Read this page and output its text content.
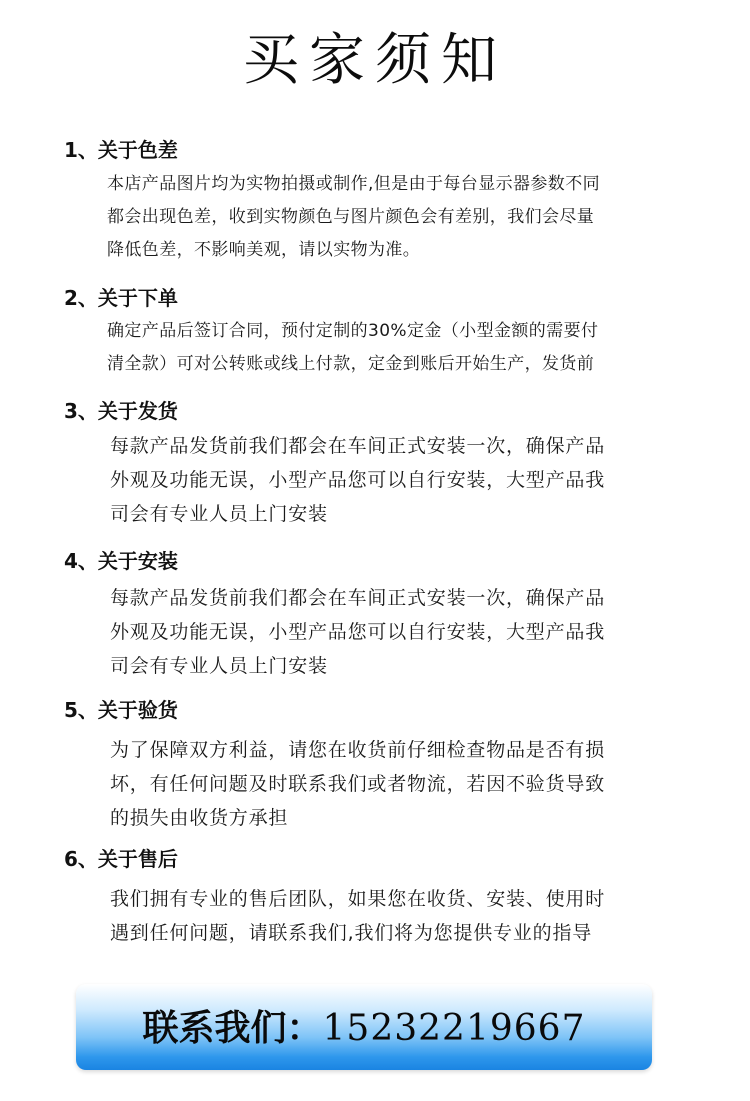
买家须知
1、关于色差
本店产品图片均为实物拍摄或制作,但是由于每台显示器参数不同
都会出现色差，收到实物颜色与图片颜色会有差别，我们会尽量
降低色差，不影响美观，请以实物为准。
2、关于下单
确定产品后签订合同，预付定制的30%定金（小型金额的需要付
清全款）可对公转账或线上付款，定金到账后开始生产，发货前
3、关于发货
每款产品发货前我们都会在车间正式安装一次，确保产品
外观及功能无误，小型产品您可以自行安装，大型产品我
司会有专业人员上门安装
4、关于安装
每款产品发货前我们都会在车间正式安装一次，确保产品
外观及功能无误，小型产品您可以自行安装，大型产品我
司会有专业人员上门安装
5、关于验货
为了保障双方利益，请您在收货前仔细检查物品是否有损
坏，有任何问题及时联系我们或者物流，若因不验货导致
的损失由收货方承担
6、关于售后
我们拥有专业的售后团队，如果您在收货、安装、使用时
遇到任何问题，请联系我们,我们将为您提供专业的指导
联系我们：15232219667
